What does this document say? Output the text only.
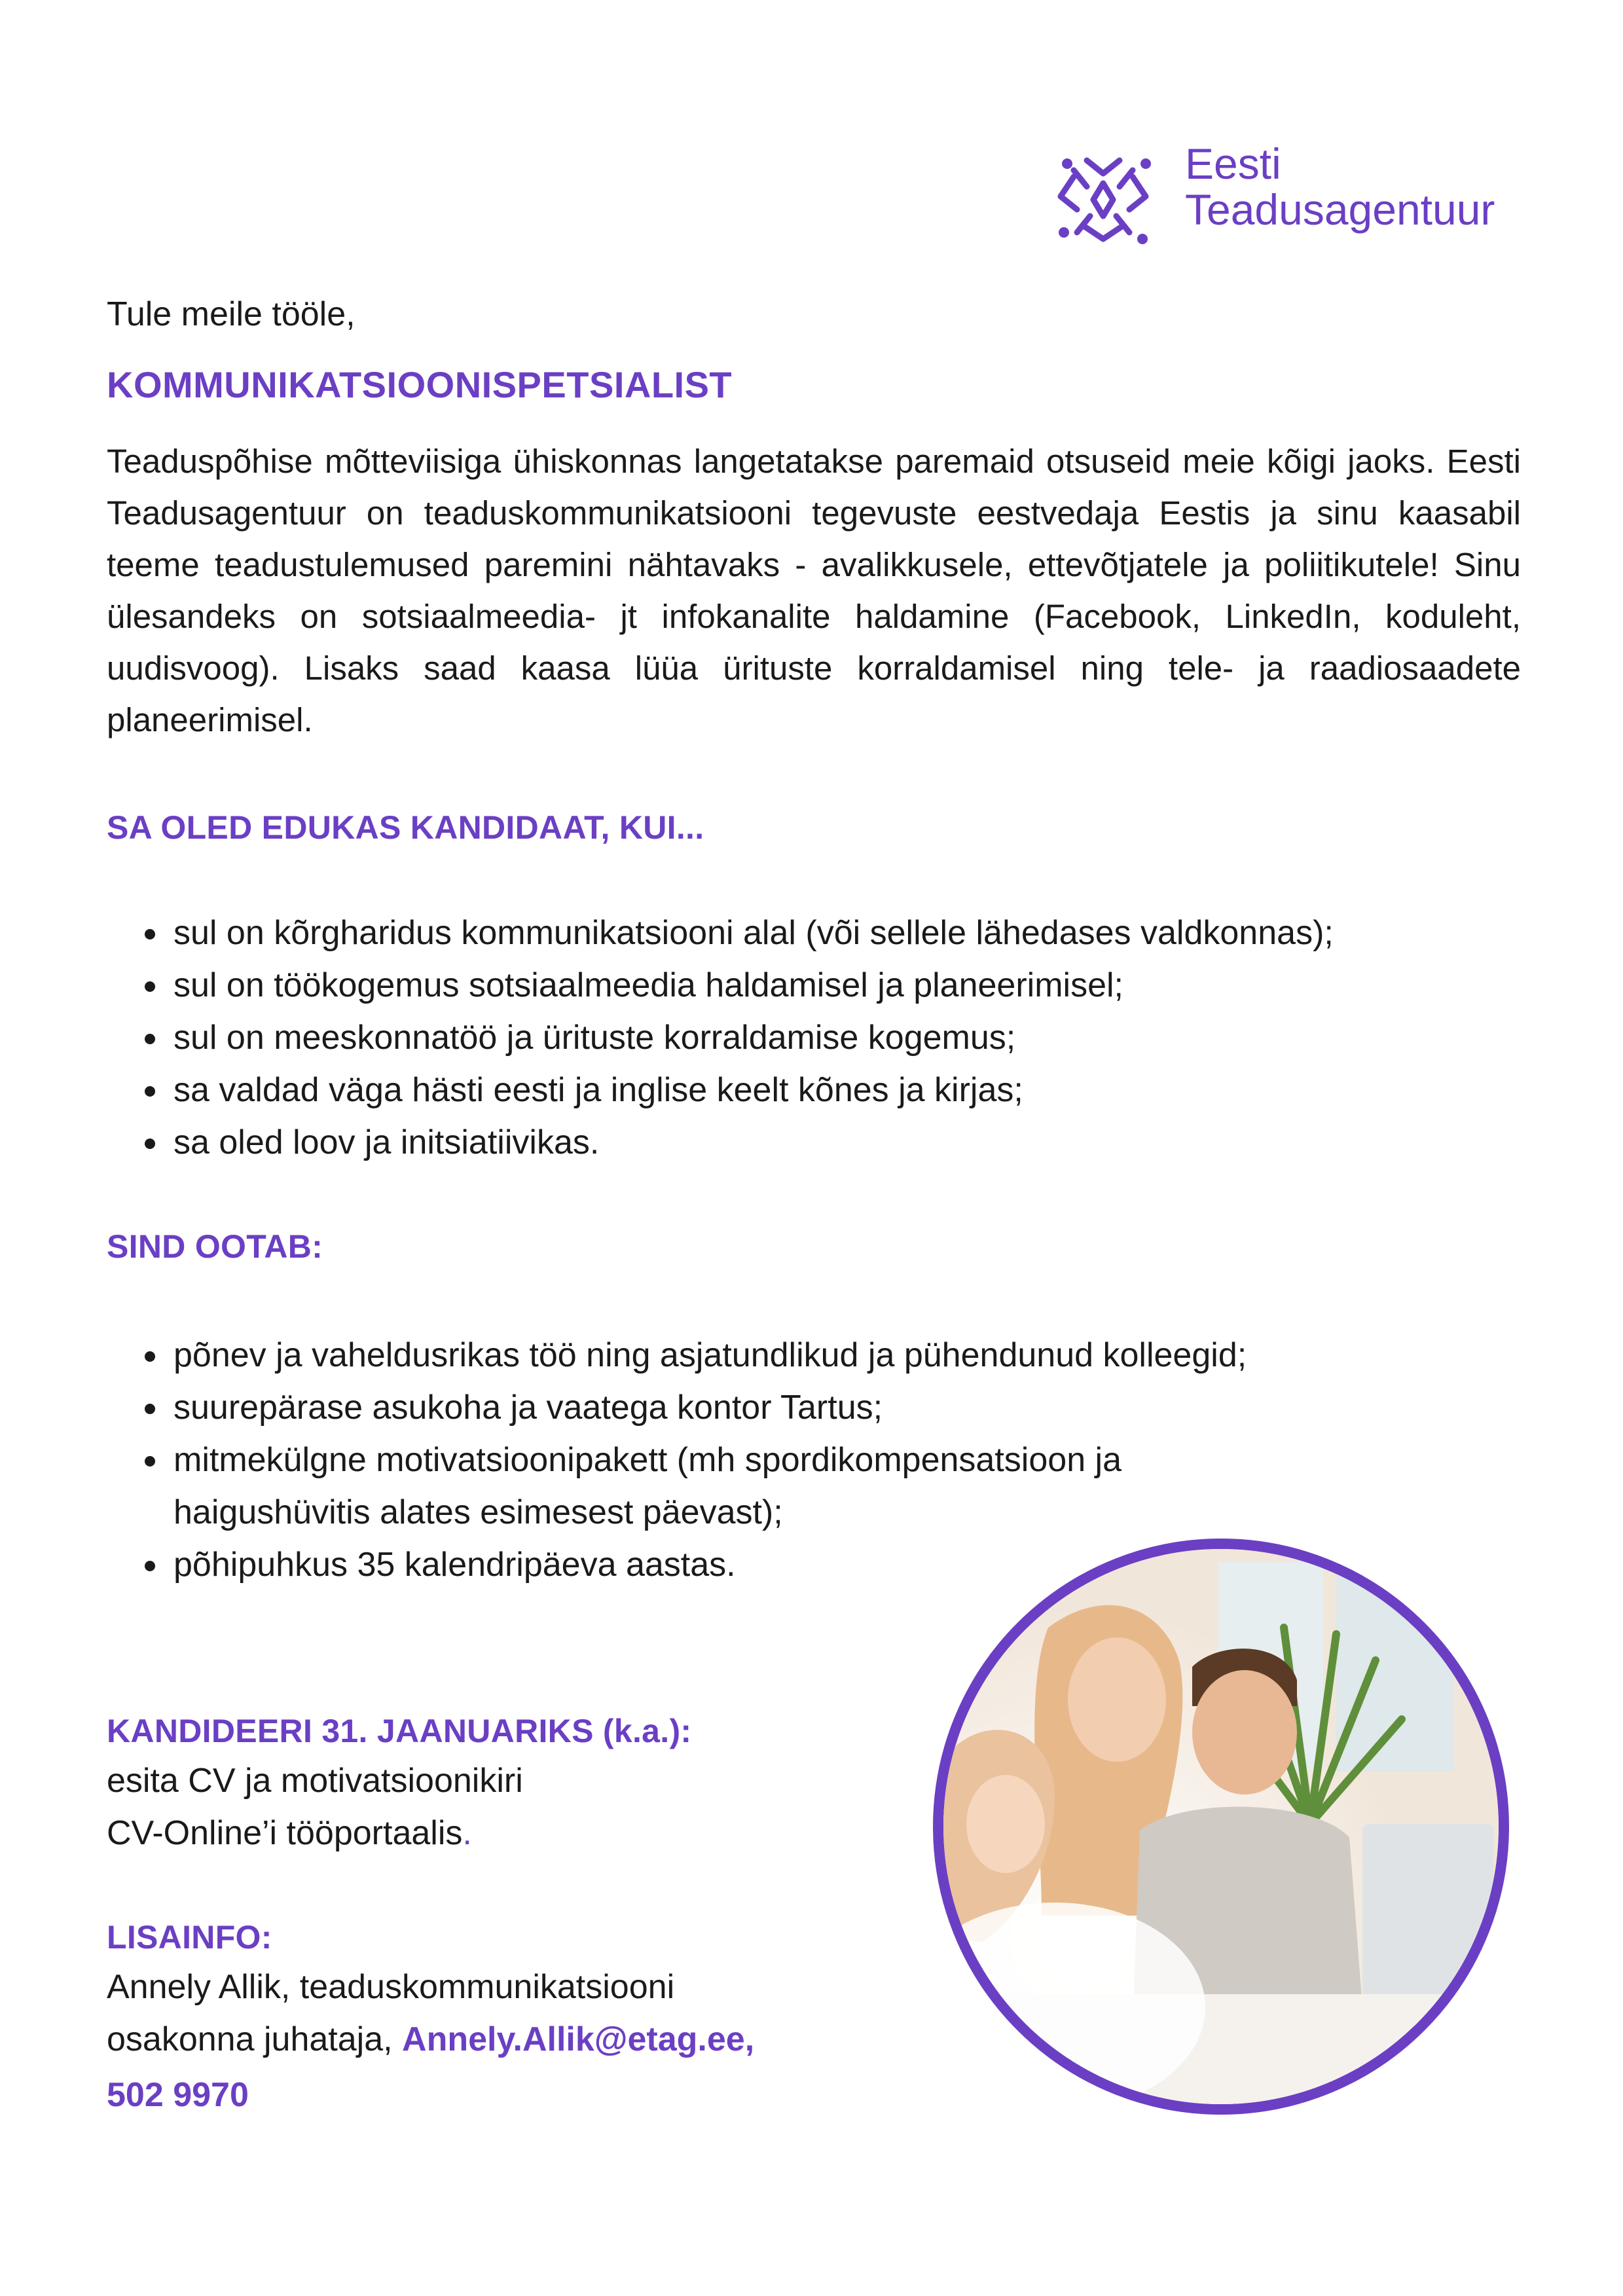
Eesti
Teadusagentuur
Tule meile tööle,
KOMMUNIKATSIOONISPETSIALIST
Teaduspõhise mõtteviisiga ühiskonnas langetatakse paremaid otsuseid meie kõigi jaoks. Eesti Teadusagentuur on teaduskommunikatsiooni tegevuste eestvedaja Eestis ja sinu kaasabil teeme teadustulemused paremini nähtavaks - avalikkusele, ettevõtjatele ja poliitikutele! Sinu ülesandeks on sotsiaalmeedia- jt infokanalite haldamine (Facebook, LinkedIn, koduleht, uudisvoog). Lisaks saad kaasa lüüa ürituste korraldamisel ning tele- ja raadiosaadete planeerimisel.
SA OLED EDUKAS KANDIDAAT, KUI...
sul on kõrgharidus kommunikatsiooni alal (või sellele lähedases valdkonnas);
sul on töökogemus sotsiaalmeedia haldamisel ja planeerimisel;
sul on meeskonnatöö ja ürituste korraldamise kogemus;
sa valdad väga hästi eesti ja inglise keelt kõnes ja kirjas;
sa oled loov ja initsiatiivikas.
SIND OOTAB:
põnev ja vaheldusrikas töö ning asjatundlikud ja pühendunud kolleegid;
suurepärase asukoha ja vaatega kontor Tartus;
mitmekülgne motivatsioonipakett (mh spordikompensatsioon ja haigushüvitis alates esimesest päevast);
põhipuhkus 35 kalendripäeva aastas.
KANDIDEERI 31. JAANUARIKS (k.a.):
esita CV ja motivatsioonikiri
CV-Online’i tööportaalis.
LISAINFO:
Annely Allik, teaduskommunikatsiooni
osakonna juhataja, Annely.Allik@etag.ee,
502 9970
